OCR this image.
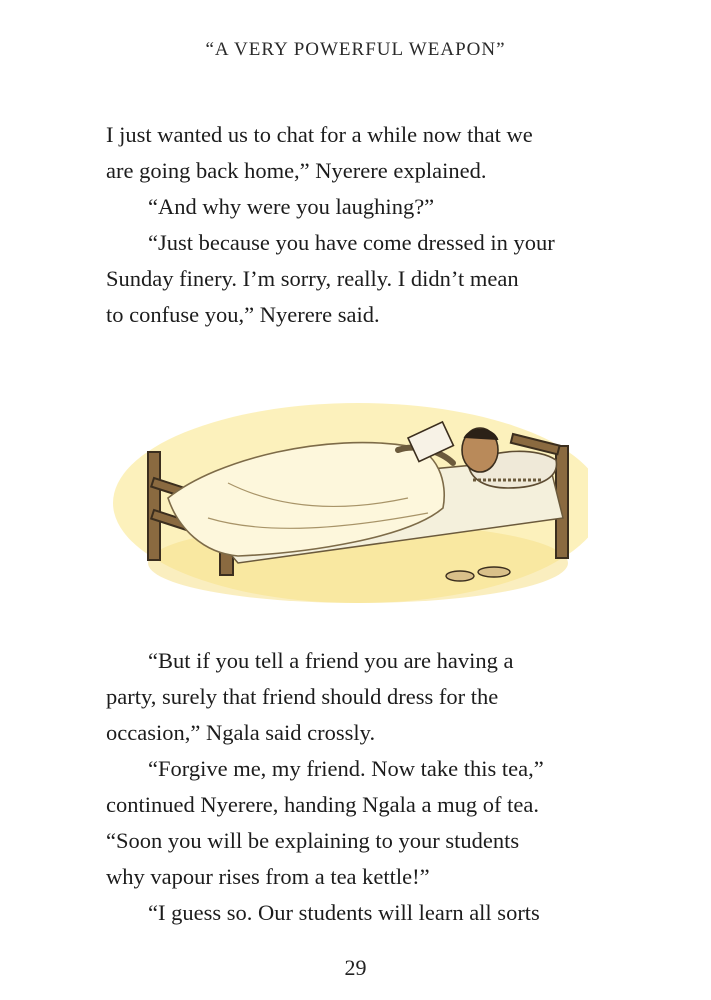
“A VERY POWERFUL WEAPON”
I just wanted us to chat for a while now that we
are going back home,” Nyerere explained.
“And why were you laughing?”
“Just because you have come dressed in your
Sunday finery. I’m sorry, really. I didn’t mean
to confuse you,” Nyerere said.
“But if you tell a friend you are having a
party, surely that friend should dress for the
occasion,” Ngala said crossly.
“Forgive me, my friend. Now take this tea,”
continued Nyerere, handing Ngala a mug of tea.
“Soon you will be explaining to your students
why vapour rises from a tea kettle!”
“I guess so. Our students will learn all sorts
29
